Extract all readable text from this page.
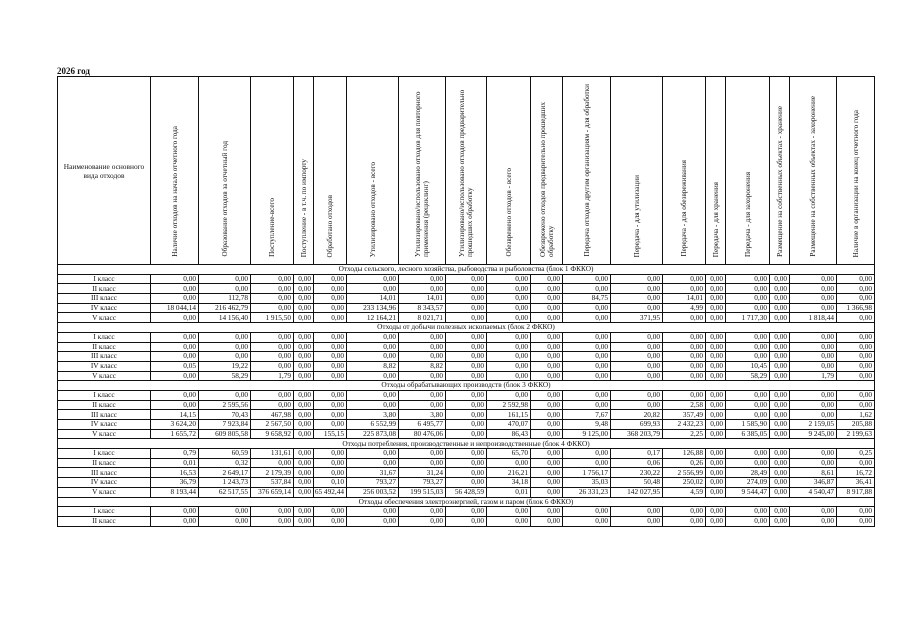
2026 год
Наименование основного вида отходов	Наличие отходов на начало отчетного года	Образование отходов за отчетный год	Поступление-всего	Поступление - в т.ч. по импорту	Обработано отходов	Утилизировано отходов - всего	Утилизировано/использовано отходов для повторного применения (рециклинг)	Утилизировано/использовано отходов предварительно прошедших обработку	Обезврежено отходов - всего	Обезврежено отходов предварительно прошедших обработку	Передача отходов другим организациям - для обработки	Передача - для утилизации	Передача - для обезвреживания	Передача - для хранения	Передача - для захоронения	Размещение на собственных объектах - хранение	Размещение на собственных объектах - захоронение	Наличие в организации на конец отчетного года
Отходы сельского, лесного хозяйства, рыбоводства и рыболовства (блок 1 ФККО)																		
I класс	0,00	0,00	0,00	0,00	0,00	0,00	0,00	0,00	0,00	0,00	0,00	0,00	0,00	0,00	0,00	0,00	0,00	0,00
II класс	0,00	0,00	0,00	0,00	0,00	0,00	0,00	0,00	0,00	0,00	0,00	0,00	0,00	0,00	0,00	0,00	0,00	0,00
III класс	0,00	112,78	0,00	0,00	0,00	14,01	14,01	0,00	0,00	0,00	84,75	0,00	14,01	0,00	0,00	0,00	0,00	0,00
IV класс	18 044,14	216 462,79	0,00	0,00	0,00	233 134,96	8 343,57	0,00	0,00	0,00	0,00	0,00	4,99	0,00	0,00	0,00	0,00	1 366,98
V класс	0,00	14 156,40	1 915,50	0,00	0,00	12 164,21	8 021,71	0,00	0,00	0,00	0,00	371,95	0,00	0,00	1 717,30	0,00	1 818,44	0,00
Отходы от добычи полезных ископаемых (блок 2 ФККО)																		
I класс	0,00	0,00	0,00	0,00	0,00	0,00	0,00	0,00	0,00	0,00	0,00	0,00	0,00	0,00	0,00	0,00	0,00	0,00
II класс	0,00	0,00	0,00	0,00	0,00	0,00	0,00	0,00	0,00	0,00	0,00	0,00	0,00	0,00	0,00	0,00	0,00	0,00
III класс	0,00	0,00	0,00	0,00	0,00	0,00	0,00	0,00	0,00	0,00	0,00	0,00	0,00	0,00	0,00	0,00	0,00	0,00
IV класс	0,05	19,22	0,00	0,00	0,00	8,82	8,82	0,00	0,00	0,00	0,00	0,00	0,00	0,00	10,45	0,00	0,00	0,00
V класс	0,00	58,29	1,79	0,00	0,00	0,00	0,00	0,00	0,00	0,00	0,00	0,00	0,00	0,00	58,29	0,00	1,79	0,00
Отходы обрабатывающих производств (блок 3 ФККО)																		
I класс	0,00	0,00	0,00	0,00	0,00	0,00	0,00	0,00	0,00	0,00	0,00	0,00	0,00	0,00	0,00	0,00	0,00	0,00
II класс	0,00	2 595,56	0,00	0,00	0,00	0,00	0,00	0,00	2 592,98	0,00	0,00	0,00	2,58	0,00	0,00	0,00	0,00	0,00
III класс	14,15	70,43	467,98	0,00	0,00	3,80	3,80	0,00	161,15	0,00	7,67	20,82	357,49	0,00	0,00	0,00	0,00	1,62
IV класс	3 624,20	7 923,84	2 567,50	0,00	0,00	6 552,99	6 495,77	0,00	470,07	0,00	9,48	699,93	2 432,23	0,00	1 585,90	0,00	2 159,05	205,88
V класс	1 655,72	609 805,58	9 658,92	0,00	155,15	225 873,08	80 476,06	0,00	86,43	0,00	9 125,00	368 203,79	2,25	0,00	6 385,05	0,00	9 245,00	2 199,63
Отходы потребления, производственные и непроизводственные (блок 4 ФККО)																		
I класс	0,79	60,59	131,61	0,00	0,00	0,00	0,00	0,00	65,70	0,00	0,00	0,17	126,88	0,00	0,00	0,00	0,00	0,25
II класс	0,01	0,32	0,00	0,00	0,00	0,00	0,00	0,00	0,00	0,00	0,00	0,06	0,26	0,00	0,00	0,00	0,00	0,00
III класс	16,53	2 649,17	2 179,39	0,00	0,00	31,67	31,24	0,00	216,21	0,00	1 756,17	230,22	2 556,99	0,00	28,49	0,00	8,61	16,72
IV класс	36,79	1 243,73	537,84	0,00	0,10	793,27	793,27	0,00	34,18	0,00	35,03	50,48	250,02	0,00	274,09	0,00	346,87	36,41
V класс	8 193,44	62 517,55	376 659,14	0,00	65 492,44	256 003,52	199 515,03	56 428,59	0,01	0,00	26 331,23	142 027,95	4,59	0,00	9 544,47	0,00	4 540,47	8 917,88
Отходы обеспечения электроэнергией, газом и паром (блок 6 ФККО)																		
I класс	0,00	0,00	0,00	0,00	0,00	0,00	0,00	0,00	0,00	0,00	0,00	0,00	0,00	0,00	0,00	0,00	0,00	0,00
II класс	0,00	0,00	0,00	0,00	0,00	0,00	0,00	0,00	0,00	0,00	0,00	0,00	0,00	0,00	0,00	0,00	0,00	0,00
